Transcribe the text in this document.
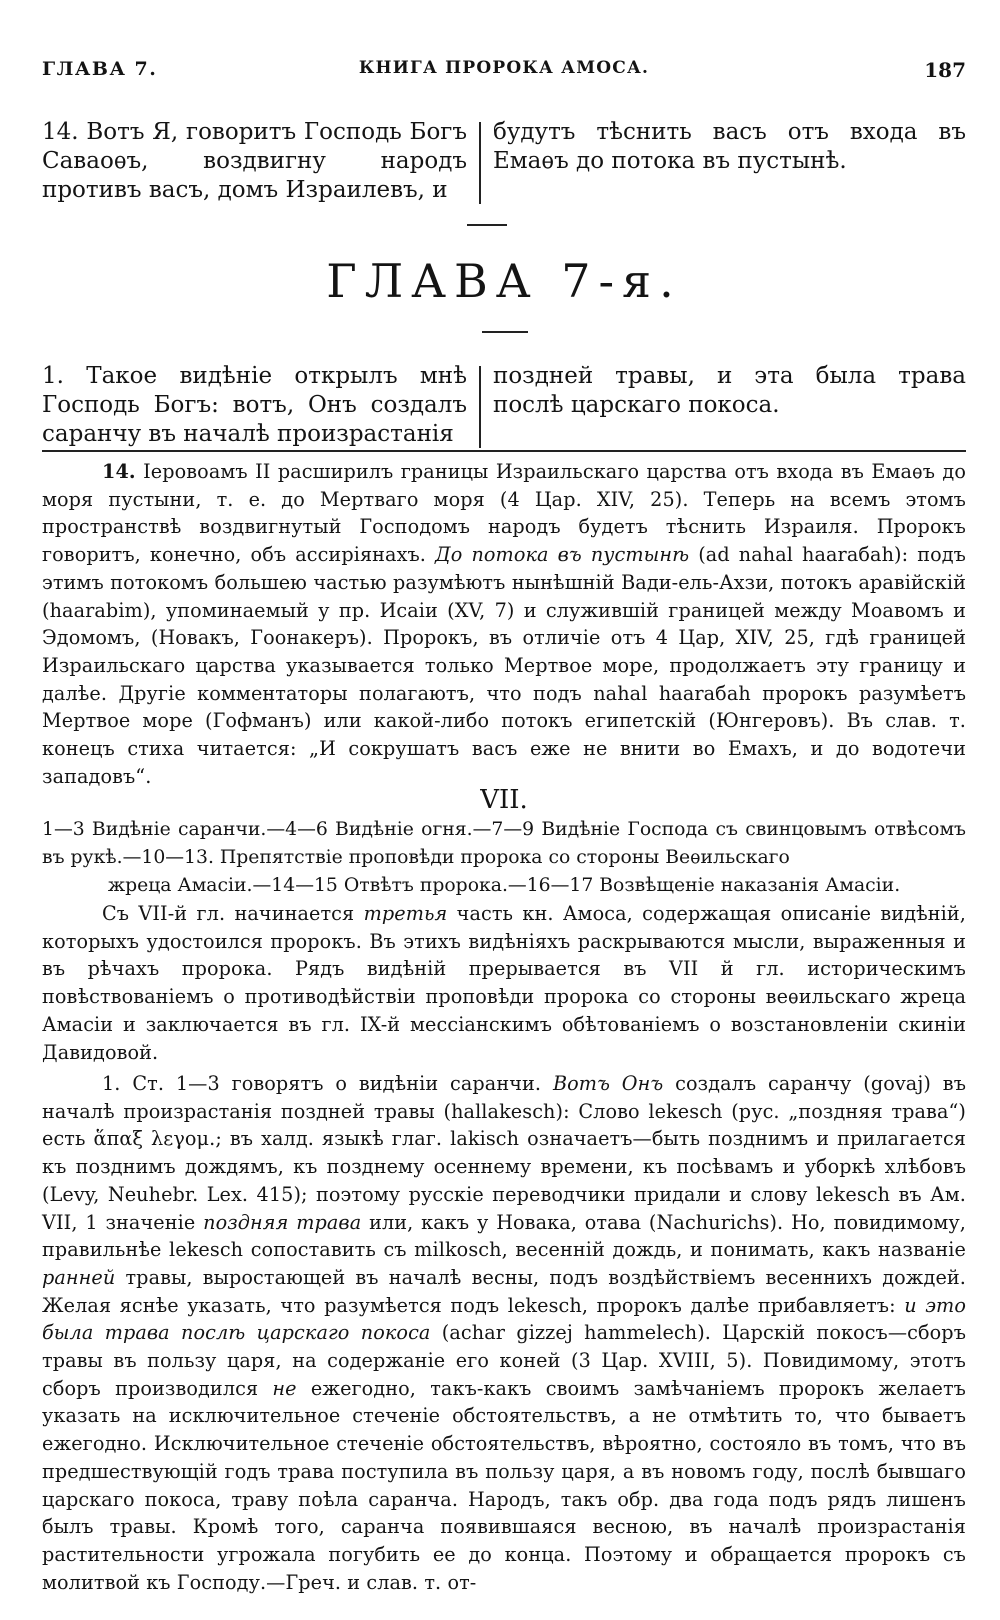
ГЛАВА 7.	КНИГА ПРОРОКА АМОСА.	187
14. Вотъ Я, говоритъ Господь Богъ Саваоѳъ, воздвигну народъ противъ васъ, домъ Израилевъ, и
будутъ тѣснить васъ отъ входа въ Емаѳъ до потока въ пустынѣ.
ГЛАВА 7-я.
1. Такое видѣніе открылъ мнѣ Господь Богъ: вотъ, Онъ создалъ саранчу въ началѣ произрастанія
поздней травы, и эта была трава послѣ царскаго покоса.

14. Іеровоамъ II расширилъ границы Израильскаго царства отъ входа въ Емаѳъ до моря пустыни, т. е. до Мертваго моря (4 Цар. XIV, 25). Теперь на всемъ этомъ пространствѣ воздвигнутый Господомъ народъ будетъ тѣснить Израиля. Пророкъ говоритъ, конечно, объ ассиріянахъ. До потока въ пустынѣ (ad nahal haaraбah): подъ этимъ потокомъ большею частью разумѣютъ нынѣшній Вади-ель-Ахзи, потокъ аравійскій (haarabim), упоминаемый у пр. Исаіи (XV, 7) и служившій границей между Моавомъ и Эдомомъ, (Новакъ, Гоонакеръ). Пророкъ, въ отличіе отъ 4 Цар, XIV, 25, гдѣ границей Израильскаго царства указывается только Мертвое море, продолжаетъ эту границу и далѣе. Другіе комментаторы полагаютъ, что подъ nahal haaraбah пророкъ разумѣетъ Мертвое море (Гофманъ) или какой-либо потокъ египетскій (Юнгеровъ). Въ слав. т. конецъ стиха читается: „И сокрушатъ васъ еже не внити во Емахъ, и до водотечи западовъ“.

VII.
1—3 Видѣніе саранчи.—4—6 Видѣніе огня.—7—9 Видѣніе Господа съ свинцовымъ отвѣсомъ въ рукѣ.—10—13. Препятствіе проповѣди пророка со стороны Веѳильскаго
жреца Амасіи.—14—15 Отвѣтъ пророка.—16—17 Возвѣщеніе наказанія Амасіи.

Съ VII-й гл. начинается третья часть кн. Амоса, содержащая описаніе видѣній, которыхъ удостоился пророкъ. Въ этихъ видѣніяхъ раскрываются мысли, выраженныя и въ рѣчахъ пророка. Рядъ видѣній прерывается въ VII й гл. историческимъ повѣствованіемъ о противодѣйствіи проповѣди пророка со стороны веѳильскаго жреца Амасіи и заключается въ гл. IX-й мессіанскимъ обѣтованіемъ о возстановленіи скиніи Давидовой.

1. Ст. 1—3 говорятъ о видѣніи саранчи. Вотъ Онъ создалъ саранчу (govaj) въ началѣ произрастанія поздней травы (hallakesch): Слово lekesch (рус. „поздняя трава“) есть ἅπαξ λεγομ.; въ халд. языкѣ глаг. lakisch означаетъ—быть позднимъ и прилагается къ позднимъ дождямъ, къ позднему осеннему времени, къ посѣвамъ и уборкѣ хлѣбовъ (Levy, Neuhebr. Lex. 415); поэтому русскіе переводчики придали и слову lekesch въ Ам. VII, 1 значеніе поздняя трава или, какъ у Новака, отава (Nachurichs). Но, повидимому, правильнѣе lekesch сопоставить съ milkosch, весенній дождь, и понимать, какъ названіе ранней травы, выростающей въ началѣ весны, подъ воздѣйствіемъ весеннихъ дождей. Желая яснѣе указать, что разумѣется подъ lekesch, пророкъ далѣе прибавляетъ: и это была трава послѣ царскаго покоса (achar gizzej hammelech). Царскій покосъ—сборъ травы въ пользу царя, на содержаніе его коней (3 Цар. XVIII, 5). Повидимому, этотъ сборъ производился не ежегодно, такъ-какъ своимъ замѣчаніемъ пророкъ желаетъ указать на исключительное стеченіе обстоятельствъ, а не отмѣтить то, что бываетъ ежегодно. Исключительное стеченіе обстоятельствъ, вѣроятно, состояло въ томъ, что въ предшествующій годъ трава поступила въ пользу царя, а въ новомъ году, послѣ бывшаго царскаго покоса, траву поѣла саранча. Народъ, такъ обр. два года подъ рядъ лишенъ былъ травы. Кромѣ того, саранча появившаяся весною, въ началѣ произрастанія растительности угрожала погубить ее до конца. Поэтому и обращается пророкъ съ молитвой къ Господу.—Греч. и слав. т. от-
